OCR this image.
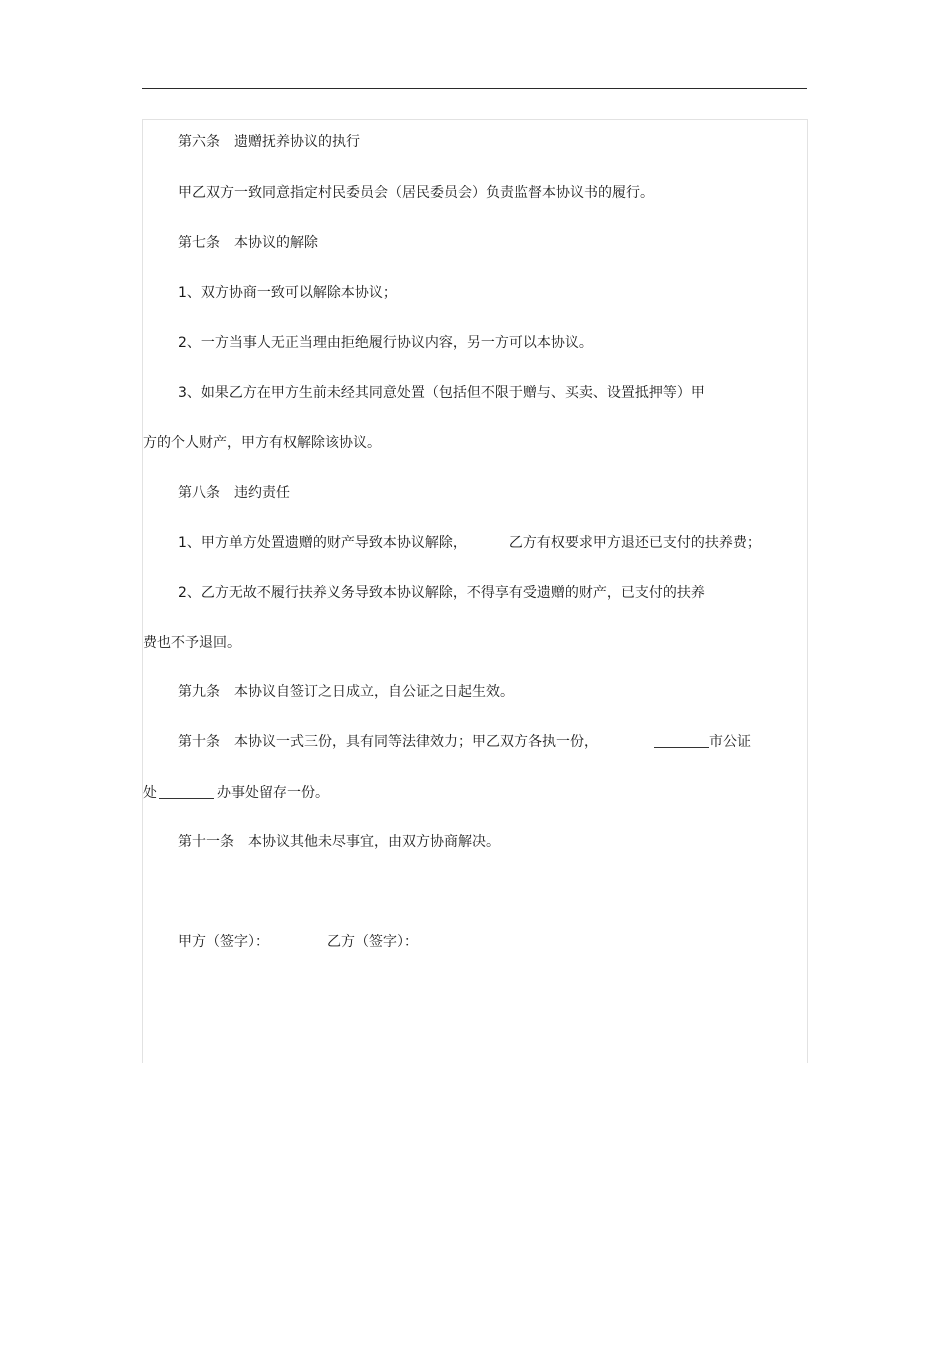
第六条　遗赠抚养协议的执行
甲乙双方一致同意指定村民委员会（居民委员会）负责监督本协议书的履行。
第七条　本协议的解除
1、双方协商一致可以解除本协议；
2、一方当事人无正当理由拒绝履行协议内容，另一方可以本协议。
3、如果乙方在甲方生前未经其同意处置（包括但不限于赠与、买卖、设置抵押等）甲
方的个人财产，甲方有权解除该协议。
第八条　违约责任
1、甲方单方处置遗赠的财产导致本协议解除，	乙方有权要求甲方退还已支付的扶养费；
2、乙方无故不履行扶养义务导致本协议解除，不得享有受遗赠的财产，已支付的扶养
费也不予退回。
第九条　本协议自签订之日成立，自公证之日起生效。
第十条　本协议一式三份，具有同等法律效力；甲乙双方各执一份，	市公证
处	办事处留存一份。
第十一条　本协议其他未尽事宜，由双方协商解决。
甲方（签字）：	乙方（签字）：
